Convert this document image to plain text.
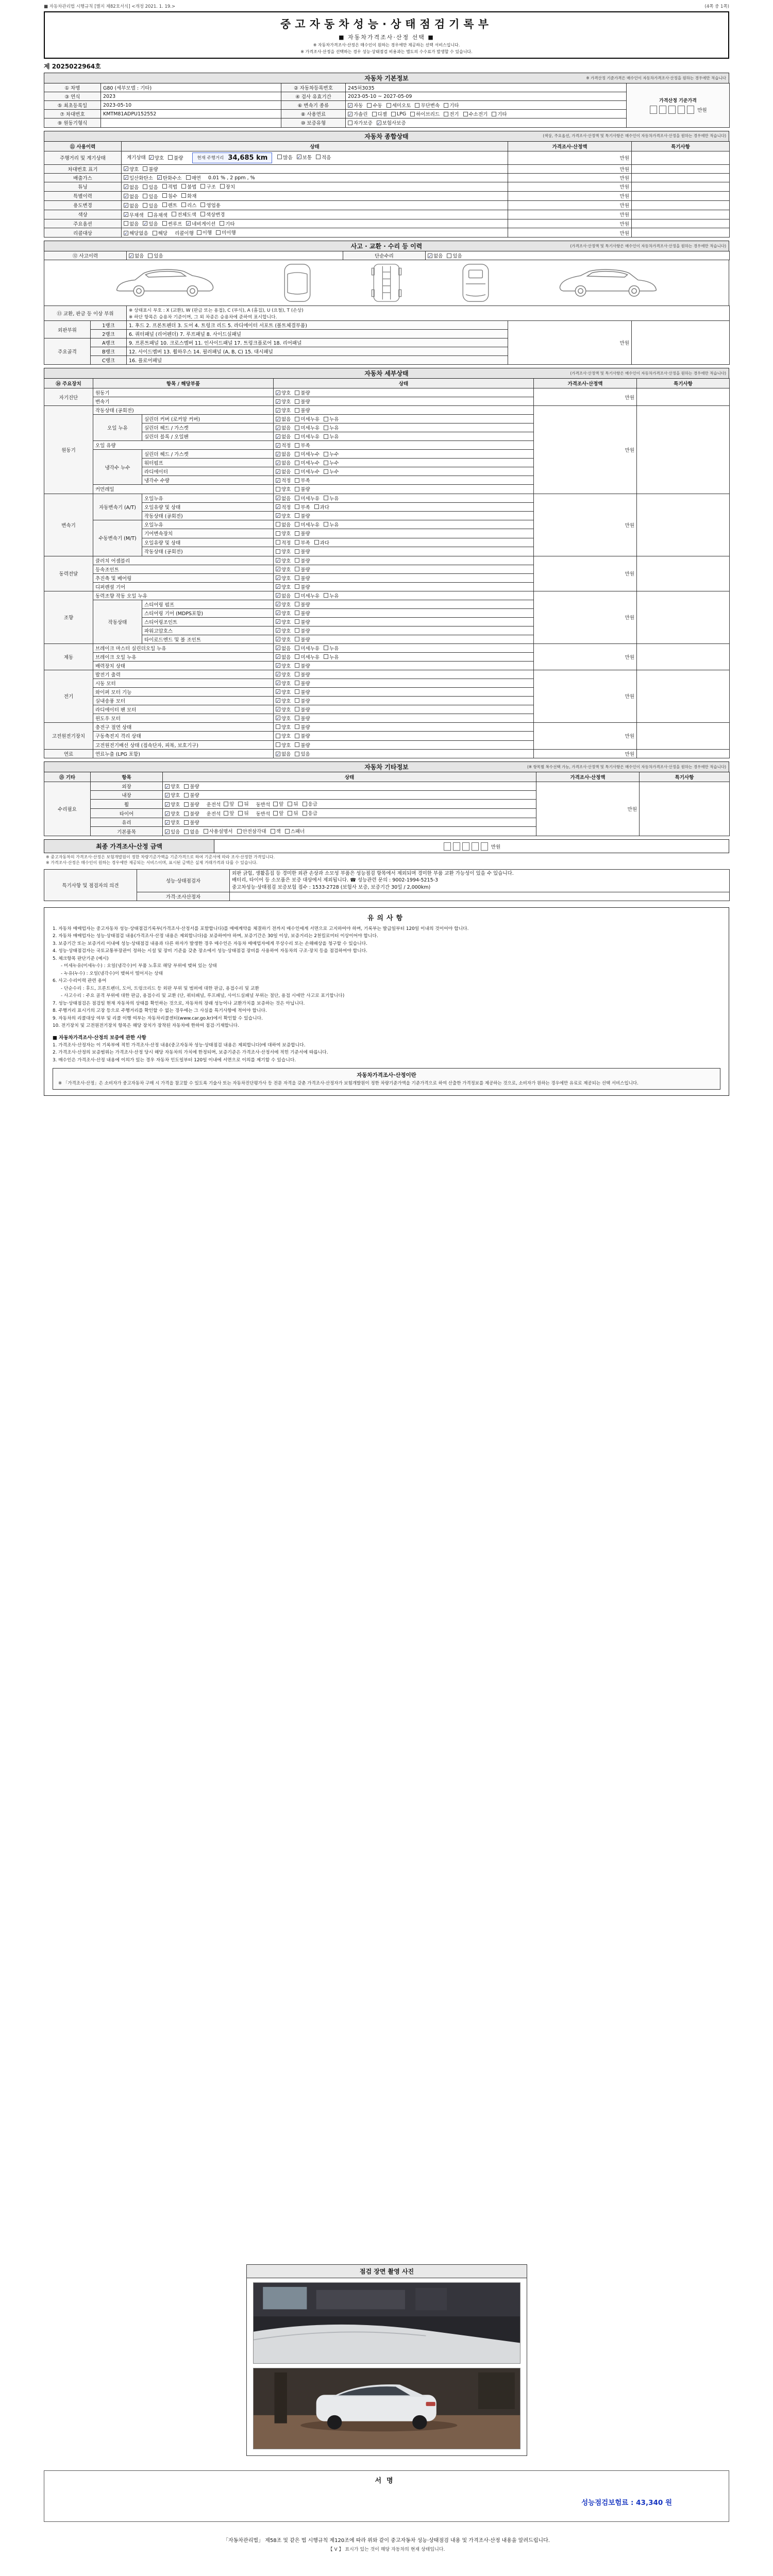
■ 자동차관리법 시행규칙 [별지 제82호서식] <개정 2021. 1. 19.>	(4쪽 중 1쪽)
중고자동차성능·상태점검기록부
■ 자동차가격조사·산정 선택 ■
※ 자동차가격조사·산정은 매수인이 원하는 경우에만 제공하는 선택 서비스입니다.
※ 가격조사·산정을 선택하는 경우 성능·상태점검 비용과는 별도의 수수료가 발생할 수 있습니다.
제 2025022964호
자동차 기본정보	※ 가격산정 기준가격은 매수인이 자동차가격조사·산정을 원하는 경우에만 적습니다
① 차명	G80 (세부모델 : 기타)	② 자동차등록번호	245허3035	가격산정 기준가격
만원

③ 연식	2023	④ 검사 유효기간	2023-05-10 ~ 2027-05-09	
⑤ 최초등록일	2023-05-10	⑥ 변속기 종류	✓ 자동 수동 세미오토 무단변속 기타

⑦ 차대번호	KMTM81ADPU152552	⑧ 사용연료	✓ 가솔린 디젤 LPG 하이브리드 전기 수소전기 기타

⑨ 원동기형식		⑩ 보증유형	자가보증 ✓ 보험사보증	
자동차 종합상태	(색상, 주요옵션, 가격조사·산정액 및 특기사항은 매수인이 자동차가격조사·산정을 원하는 경우에만 적습니다)
⑪ 사용이력	상태	가격조사·산정액	특기사항
주행거리 및 계기상태	계기상태 ✓ 양호 불량	현재 주행거리 34,685 km	많음 ✓ 보통 적음	만원	
차대번호 표기	✓ 양호 불량	만원	
배출가스	✓ 일산화탄소 ✓ 탄화수소 매연 0.01 % , 2 ppm , %	만원	
튜닝	✓ 없음 있음 적법 불법 구조 장치	만원	
특별이력	✓ 없음 있음 침수 화재	만원	
용도변경	✓ 없음 있음 렌트 리스 영업용	만원	
색상	✓ 무채색 유채색 전체도색 색상변경	만원	
주요옵션	없음 ✓ 있음 썬루프 ✓ 네비게이션 기타	만원	
리콜대상	✓ 해당없음 해당 리콜이행 이행 미이행	만원	
사고 · 교환 · 수리 등 이력	(가격조사·산정액 및 특기사항은 매수인이 자동차가격조사·산정을 원하는 경우에만 적습니다)
⑫ 사고이력	✓ 없음 있음	단순수리	✓ 없음 있음
⑬ 교환, 판금 등 이상 부위	
※ 상태표시 부호 : X (교환), W (판금 또는 용접), C (부식), A (흠집), U (요철), T (손상)
※ 하단 항목은 승용차 기준이며, 그 외 차종은 승용차에 준하여 표시합니다.
외판부위	1랭크	1. 후드 2. 프론트펜더 3. 도어 4. 트렁크 리드 5. 라디에이터 서포트 (볼트체결부품)	만원	
	2랭크	6. 쿼터패널 (리어펜더) 7. 루프패널 8. 사이드실패널		
주요골격	A랭크	9. 프론트패널 10. 크로스멤버 11. 인사이드패널 17. 트렁크플로어 18. 리어패널		
	B랭크	12. 사이드멤버 13. 휠하우스 14. 필러패널 (A, B, C) 15. 대시패널		
	C랭크	16. 플로어패널		
자동차 세부상태	(가격조사·산정액 및 특기사항은 매수인이 자동차가격조사·산정을 원하는 경우에만 적습니다)
⑭ 주요장치	항목 / 해당부품		상태	가격조사·산정액	특기사항
자기진단	원동기		✓ 양호 불량	만원	
	변속기		✓ 양호 불량		

원동기	작동상태 (공회전)		✓ 양호 불량	만원	
	오일 누유	실린더 커버 (로커암 커버)	✓ 없음 미세누유 누유		

		실린더 헤드 / 가스켓	✓ 없음 미세누유 누유		

		실린더 블록 / 오일팬	✓ 없음 미세누유 누유		

	오일 유량		✓ 적정 부족		

	냉각수 누수	실린더 헤드 / 가스켓	✓ 없음 미세누수 누수		

		워터펌프	✓ 없음 미세누수 누수		

		라디에이터	✓ 없음 미세누수 누수		

		냉각수 수량	✓ 적정 부족		

	커먼레일		양호 불량		

변속기	자동변속기 (A/T)	오일누유	✓ 없음 미세누유 누유	만원	
		오일유량 및 상태	✓ 적정 부족 과다		

		작동상태 (공회전)	✓ 양호 불량		

	수동변속기 (M/T)	오일누유	없음 미세누유 누유		

		기어변속장치	양호 불량		

		오일유량 및 상태	적정 부족 과다		

		작동상태 (공회전)	양호 불량		

동력전달	클러치 어셈블리		✓ 양호 불량	만원	
	등속조인트		✓ 양호 불량		

	추진축 및 베어링		✓ 양호 불량		

	디퍼렌셜 기어		✓ 양호 불량		

조향	동력조향 작동 오일 누유		✓ 없음 미세누유 누유	만원	
	작동상태	스티어링 펌프	✓ 양호 불량		

		스티어링 기어 (MDPS포함)	✓ 양호 불량		

		스티어링조인트	✓ 양호 불량		

		파워고압호스	✓ 양호 불량		

		타이로드엔드 및 볼 조인트	✓ 양호 불량		

제동	브레이크 마스터 실린더오일 누유		✓ 없음 미세누유 누유	만원	
	브레이크 오일 누유		✓ 없음 미세누유 누유		

	배력장치 상태		✓ 양호 불량		

전기	발전기 출력		✓ 양호 불량	만원	
	시동 모터		✓ 양호 불량		

	와이퍼 모터 기능		✓ 양호 불량		

	실내송풍 모터		✓ 양호 불량		

	라디에이터 팬 모터		✓ 양호 불량		

	윈도우 모터		✓ 양호 불량		

고전원전기장치	충전구 절연 상태		양호 불량	만원	
	구동축전지 격리 상태		양호 불량		

	고전원전기배선 상태 (접속단자, 피복, 보호기구)		양호 불량		

연료	연료누출 (LPG 포함)		✓ 없음 있음	만원	
자동차 기타정보	(※ 항목별 복수선택 가능, 가격조사·산정액 및 특기사항은 매수인이 자동차가격조사·산정을 원하는 경우에만 적습니다)
⑮ 기타	항목	상태	가격조사·산정액	특기사항
수리필요	외장	✓ 양호 불량	만원	
	내장	✓ 양호 불량		

휠	✓ 양호 불량 운전석 앞 뒤 동반석 앞 뒤 응급

타이어	✓ 양호 불량 운전석 앞 뒤 동반석 앞 뒤 응급

	유리	✓ 양호 불량		

기본품목	✓ 있음 없음 사용설명서 안전삼각대 잭 스패너
최종 가격조사·산정 금액	만원
※ 중고자동차의 가격조사·산정은 보험개발원이 정한 차량기준가액을 기준가격으로 하여 기준서에 따라 조사·산정한 가격입니다.
※ 가격조사·산정은 매수인이 원하는 경우에만 제공되는 서비스이며, 표시된 금액은 실제 거래가격과 다를 수 있습니다.
특기사항 및 점검자의 의견	성능·상태점검자	외판 긁힘, 생활흠집 등 경미한 외관 손상과 소모성 부품은 성능점검 항목에서 제외되며 경미한 부품 교환 가능성이 있을 수 있습니다.
배터리, 타이어 등 소모품은 보증 대상에서 제외됩니다. ☎ 성능관련 문의 : 9002-1994-5215-3
중고차성능·상태점검 보증보험 접수 : 1533-2728 (보험사 보증, 보증기간 30일 / 2,000km)

	가격·조사산정자	
유의사항
1. 자동차 매매업자는 중고자동차 성능·상태점검기록부(가격조사·산정서를 포함합니다)를 매매계약을 체결하기 전까지 매수인에게 서면으로 고지하여야 하며, 기록부는 발급일부터 120일 이내의 것이어야 합니다.
2. 자동차 매매업자는 성능·상태점검 내용(가격조사·산정 내용은 제외합니다)을 보증하여야 하며, 보증기간은 30일 이상, 보증거리는 2천킬로미터 이상이어야 합니다.
3. 보증기간 또는 보증거리 이내에 성능·상태점검 내용과 다른 하자가 발생한 경우 매수인은 자동차 매매업자에게 무상수리 또는 손해배상을 청구할 수 있습니다.
4. 성능·상태점검자는 국토교통부장관이 정하는 시설 및 장비 기준을 갖춘 장소에서 성능·상태점검 장비를 사용하여 자동차의 구조·장치 등을 점검하여야 합니다.
5. 체크항목 판단기준 (예시)
- 미세누유(미세누수) : 오일(냉각수)이 부품 노후로 해당 부위에 맺혀 있는 상태
- 누유(누수) : 오일(냉각수)이 맺혀서 떨어지는 상태
6. 사고·수리이력 관련 용어
- 단순수리 : 후드, 프론트펜더, 도어, 트렁크리드 등 외판 부위 및 범퍼에 대한 판금, 용접수리 및 교환
- 사고수리 : 주요 골격 부위에 대한 판금, 용접수리 및 교환 (단, 쿼터패널, 루프패널, 사이드실패널 부위는 절단, 용접 시에만 사고로 표기합니다)
7. 성능·상태점검은 점검일 현재 자동차의 상태를 확인하는 것으로, 자동차의 장래 성능이나 교환가치를 보증하는 것은 아닙니다.
8. 주행거리 표시기의 고장 등으로 주행거리를 확인할 수 없는 경우에는 그 사실을 특기사항에 적어야 합니다.
9. 자동차의 리콜대상 여부 및 리콜 이행 여부는 자동차리콜센터(www.car.go.kr)에서 확인할 수 있습니다.
10. 전기장치 및 고전원전기장치 항목은 해당 장치가 장착된 자동차에 한하여 점검·기재합니다.
■ 자동차가격조사·산정의 보증에 관한 사항
1. 가격조사·산정자는 이 기록부에 적힌 가격조사·산정 내용(중고자동차 성능·상태점검 내용은 제외합니다)에 대하여 보증합니다.
2. 가격조사·산정의 보증범위는 가격조사·산정 당시 해당 자동차의 가치에 한정되며, 보증기준은 가격조사·산정서에 적힌 기준서에 따릅니다.
3. 매수인은 가격조사·산정 내용에 이의가 있는 경우 자동차 인도일부터 120일 이내에 서면으로 이의를 제기할 수 있습니다.
자동차가격조사·산정이란
※ 「가격조사·산정」은 소비자가 중고자동차 구매 시 가격을 참고할 수 있도록 기술사 또는 자동차진단평가사 등 전문 자격을 갖춘 가격조사·산정자가 보험개발원이 정한 차량기준가액을 기준가격으로 하여 산출한 가격정보를 제공하는 것으로, 소비자가 원하는 경우에만 유료로 제공되는 선택 서비스입니다.
점검 장면 촬영 사진
서명
성능점검보험료 : 43,340 원
「자동차관리법」 제58조 및 같은 법 시행규칙 제120조에 따라 위와 같이 중고자동차 성능·상태점검 내용 및 가격조사·산정 내용을 알려드립니다.
【 V 】 표시가 있는 것이 해당 자동차의 현재 상태입니다.
